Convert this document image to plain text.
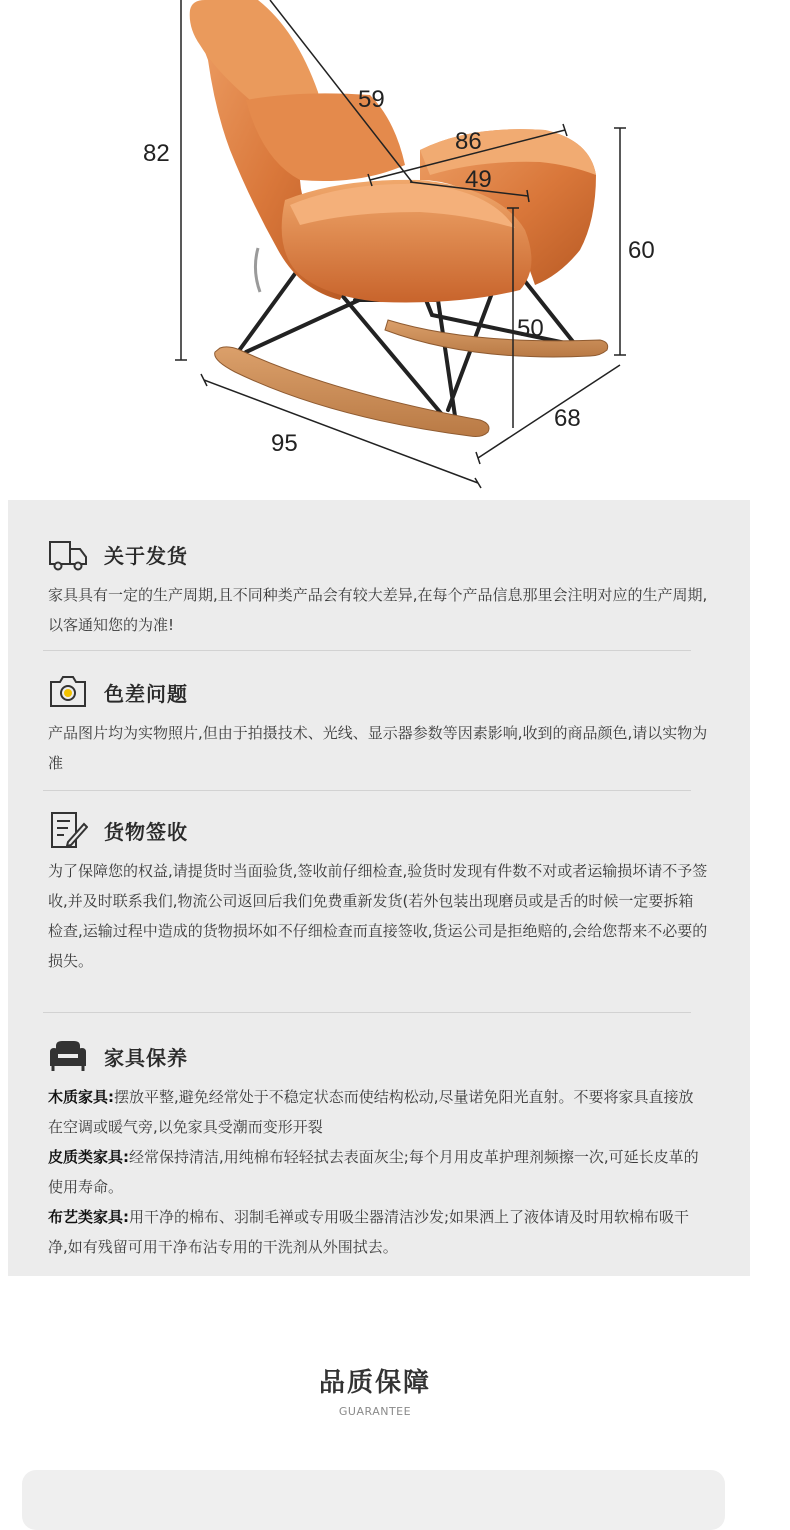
82
59
86
49
60
50
68
95
关于发货
家具具有一定的生产周期,且不同种类产品会有较大差异,在每个产品信息那里会注明对应的生产周期,以客通知您的为准!
色差问题
产品图片均为实物照片,但由于拍摄技术、光线、显示器参数等因素影响,收到的商品颜色,请以实物为准
货物签收
为了保障您的权益,请提货时当面验货,签收前仔细检查,验货时发现有件数不对或者运输损坏请不予签收,并及时联系我们,物流公司返回后我们免费重新发货(若外包装出现磨员或是舌的时候一定要拆箱检查,运输过程中造成的货物损坏如不仔细检查而直接签收,货运公司是拒绝赔的,会给您帮来不必要的损失。
家具保养
木质家具:摆放平整,避免经常处于不稳定状态而使结构松动,尽量诺免阳光直射。不要将家具直接放在空调或暖气旁,以免家具受潮而变形开裂
皮质类家具:经常保持清洁,用纯棉布轻轻拭去表面灰尘;每个月用皮革护理剂频擦一次,可延长皮革的使用寿命。
布艺类家具:用干净的棉布、羽制毛禅或专用吸尘器清洁沙发;如果洒上了液体请及时用软棉布吸干净,如有残留可用干净布沾专用的干洗剂从外围拭去。
品质保障
GUARANTEE
